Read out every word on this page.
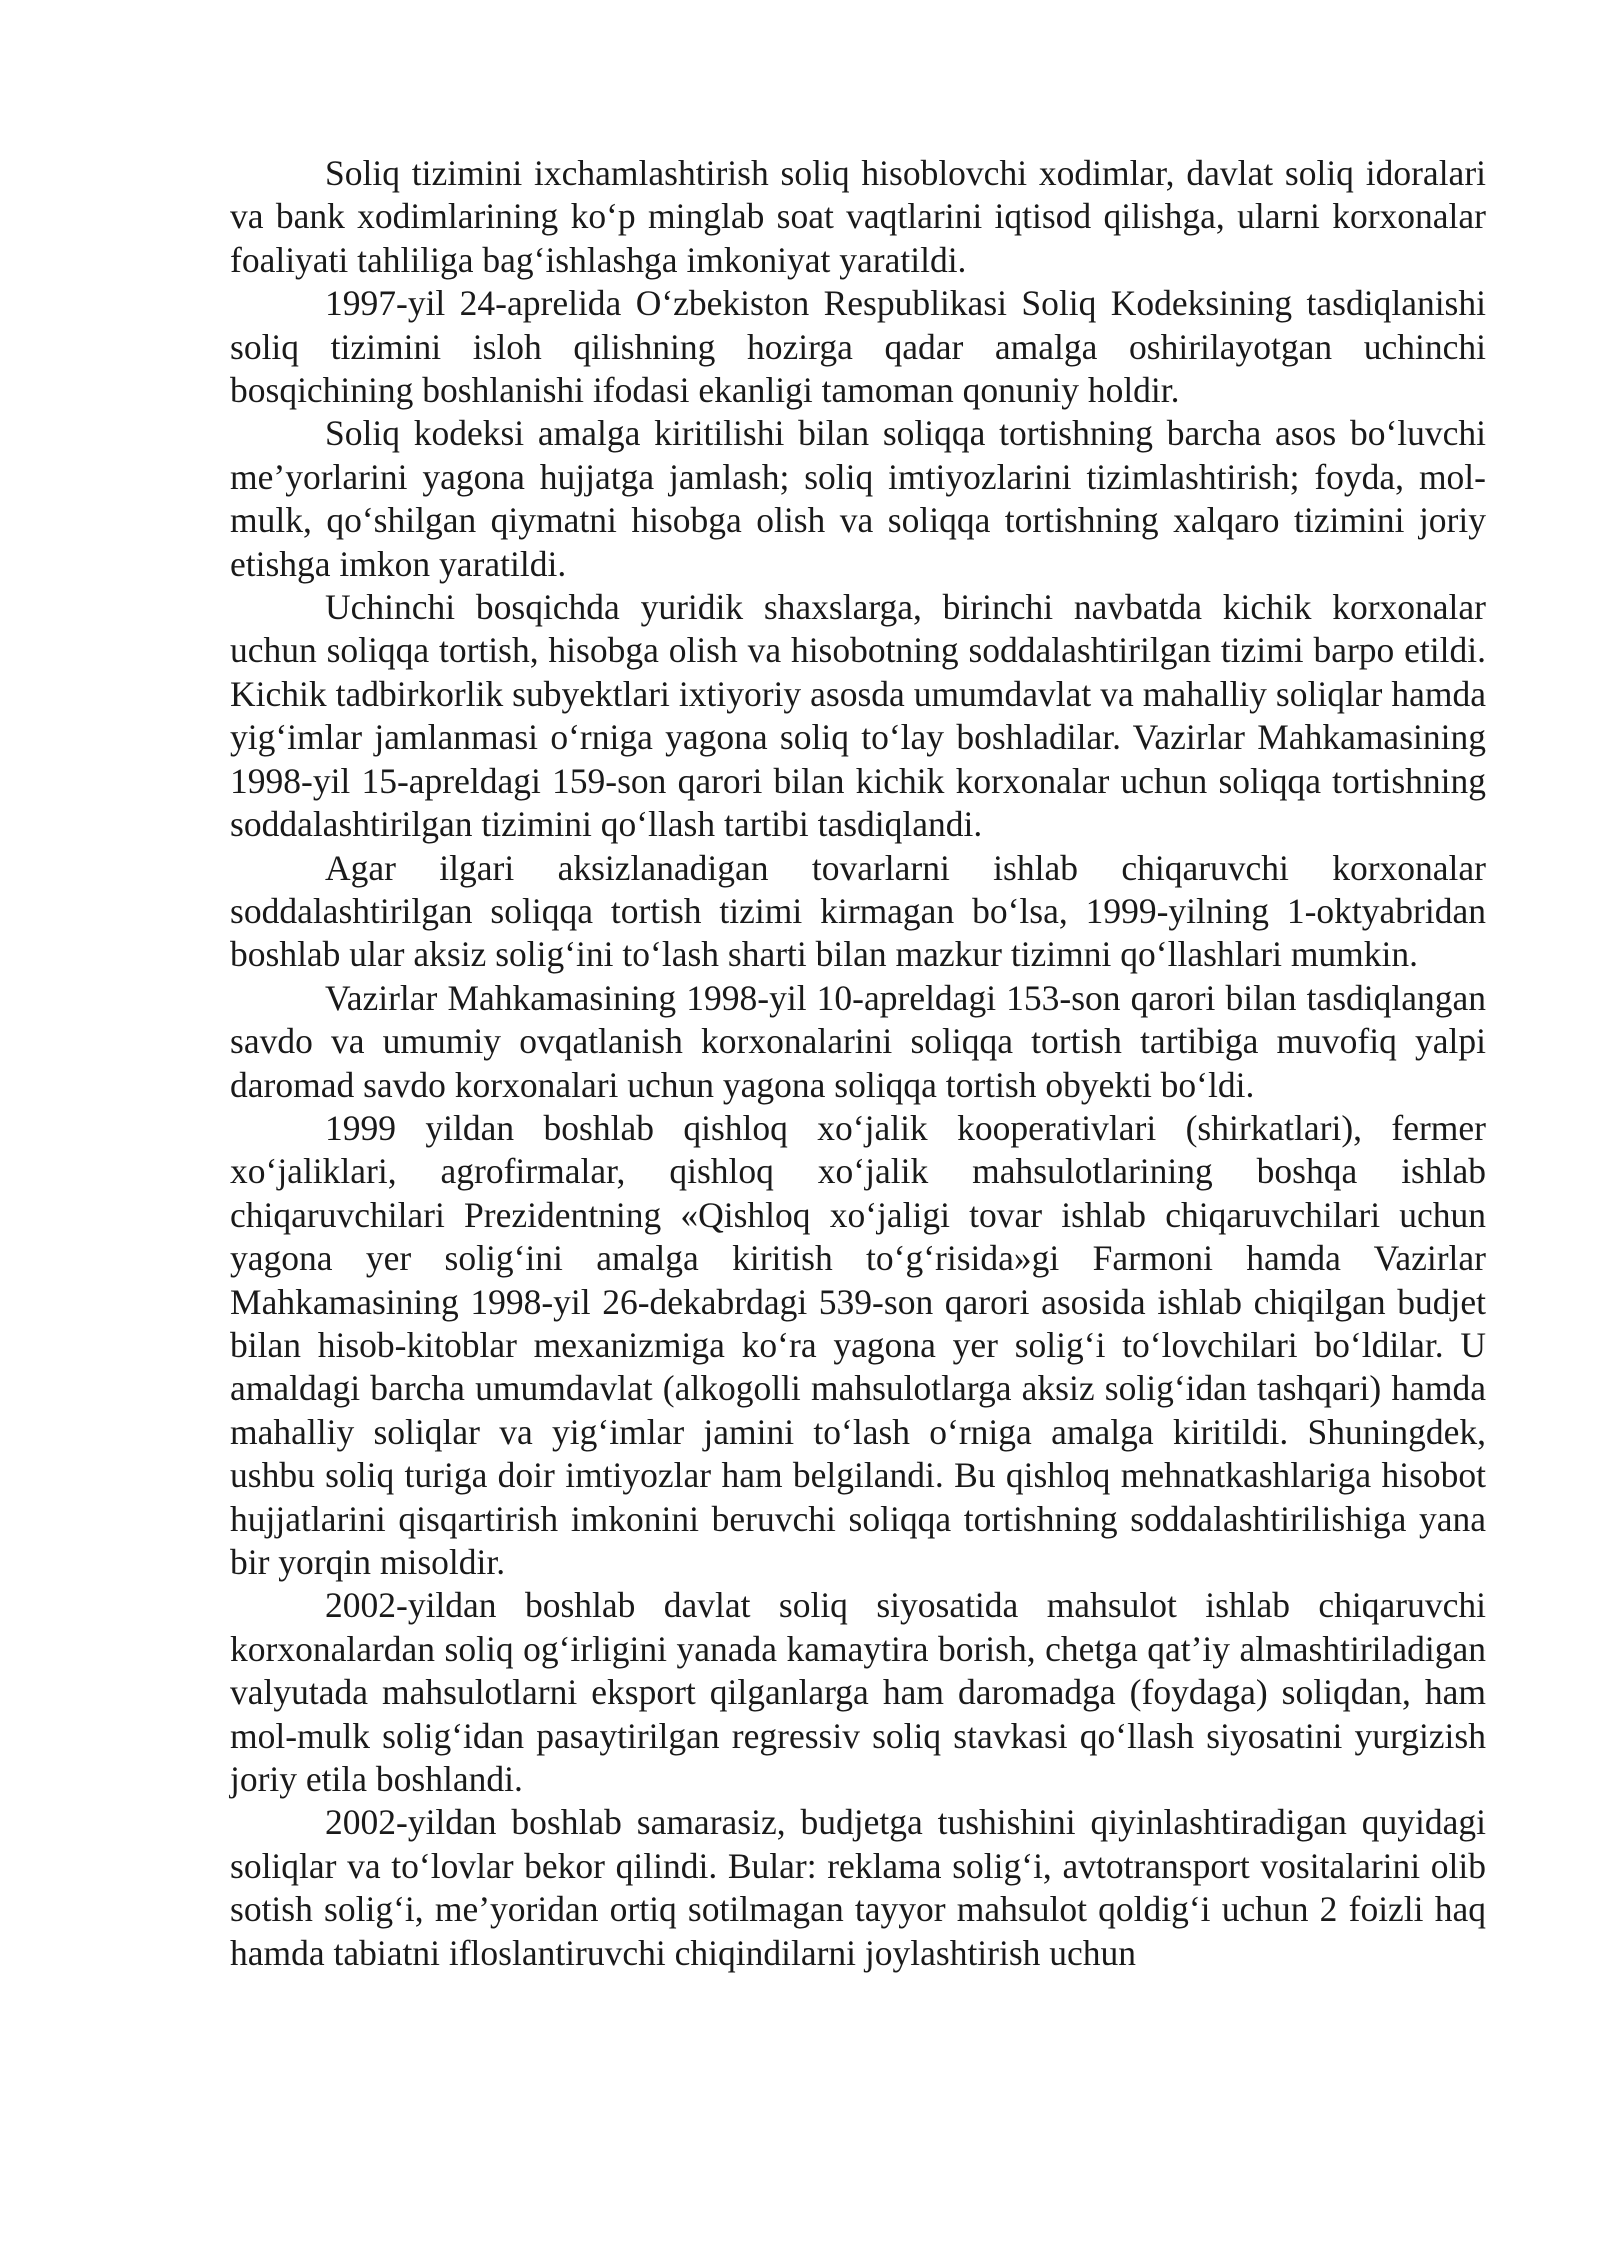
Soliq tizimini ixchamlashtirish soliq hisoblovchi xodimlar, davlat soliq idoralari va bank xodimlarining ko‘p minglab soat vaqtlarini iqtisod qilishga, ularni korxonalar foaliyati tahliliga bag‘ishlashga imkoniyat yaratildi.

1997-yil 24-aprelida O‘zbekiston Respublikasi Soliq Kodeksining tasdiqlanishi soliq tizimini isloh qilishning hozirga qadar amalga oshirilayotgan uchinchi bosqichining boshlanishi ifodasi ekanligi tamoman qonuniy holdir.

Soliq kodeksi amalga kiritilishi bilan soliqqa tortishning barcha asos bo‘luvchi me’yorlarini yagona hujjatga jamlash; soliq imtiyozlarini tizimlashtirish; foyda, mol-mulk, qo‘shilgan qiymatni hisobga olish va soliqqa tortishning xalqaro tizimini joriy etishga imkon yaratildi.

Uchinchi bosqichda yuridik shaxslarga, birinchi navbatda kichik korxonalar uchun soliqqa tortish, hisobga olish va hisobotning soddalashtirilgan tizimi barpo etildi. Kichik tadbirkorlik subyektlari ixtiyoriy asosda umumdavlat va mahalliy soliqlar hamda yig‘imlar jamlanmasi o‘rniga yagona soliq to‘lay boshladilar. Vazirlar Mahkamasining 1998-yil 15-apreldagi 159-son qarori bilan kichik korxonalar uchun soliqqa tortishning soddalashtirilgan tizimini qo‘llash tartibi tasdiqlandi.

Agar ilgari aksizlanadigan tovarlarni ishlab chiqaruvchi korxonalar soddalashtirilgan soliqqa tortish tizimi kirmagan bo‘lsa, 1999-yilning 1-oktyabridan boshlab ular aksiz solig‘ini to‘lash sharti bilan mazkur tizimni qo‘llashlari mumkin.

Vazirlar Mahkamasining 1998-yil 10-apreldagi 153-son qarori bilan tasdiqlangan savdo va umumiy ovqatlanish korxonalarini soliqqa tortish tartibiga muvofiq yalpi daromad savdo korxonalari uchun yagona soliqqa tortish obyekti bo‘ldi.

1999 yildan boshlab qishloq xo‘jalik kooperativlari (shirkatlari), fermer xo‘jaliklari, agrofirmalar, qishloq xo‘jalik mahsulotlarining boshqa ishlab chiqaruvchilari Prezidentning «Qishloq xo‘jaligi tovar ishlab chiqaruvchilari uchun yagona yer solig‘ini amalga kiritish to‘g‘risida»gi Farmoni hamda Vazirlar Mahkamasining 1998-yil 26-dekabrdagi 539-son qarori asosida ishlab chiqilgan budjet bilan hisob-kitoblar mexanizmiga ko‘ra yagona yer solig‘i to‘lovchilari bo‘ldilar. U amaldagi barcha umumdavlat (alkogolli mahsulotlarga aksiz solig‘idan tashqari) hamda mahalliy soliqlar va yig‘imlar jamini to‘lash o‘rniga amalga kiritildi. Shuningdek, ushbu soliq turiga doir imtiyozlar ham belgilandi. Bu qishloq mehnatkashlariga hisobot hujjatlarini qisqartirish imkonini beruvchi soliqqa tortishning soddalashtirilishiga yana bir yorqin misoldir.

2002-yildan boshlab davlat soliq siyosatida mahsulot ishlab chiqaruvchi korxonalardan soliq og‘irligini yanada kamaytira borish, chetga qat’iy almashtiriladigan valyutada mahsulotlarni eksport qilganlarga ham daromadga (foydaga) soliqdan, ham mol-mulk solig‘idan pasaytirilgan regressiv soliq stavkasi qo‘llash siyosatini yurgizish joriy etila boshlandi.

2002-yildan boshlab samarasiz, budjetga tushishini qiyinlashtiradigan quyidagi soliqlar va to‘lovlar bekor qilindi. Bular: reklama solig‘i, avtotransport vositalarini olib sotish solig‘i, me’yoridan ortiq sotilmagan tayyor mahsulot qoldig‘i uchun 2 foizli haq hamda tabiatni ifloslantiruvchi chiqindilarni joylashtirish uchun
